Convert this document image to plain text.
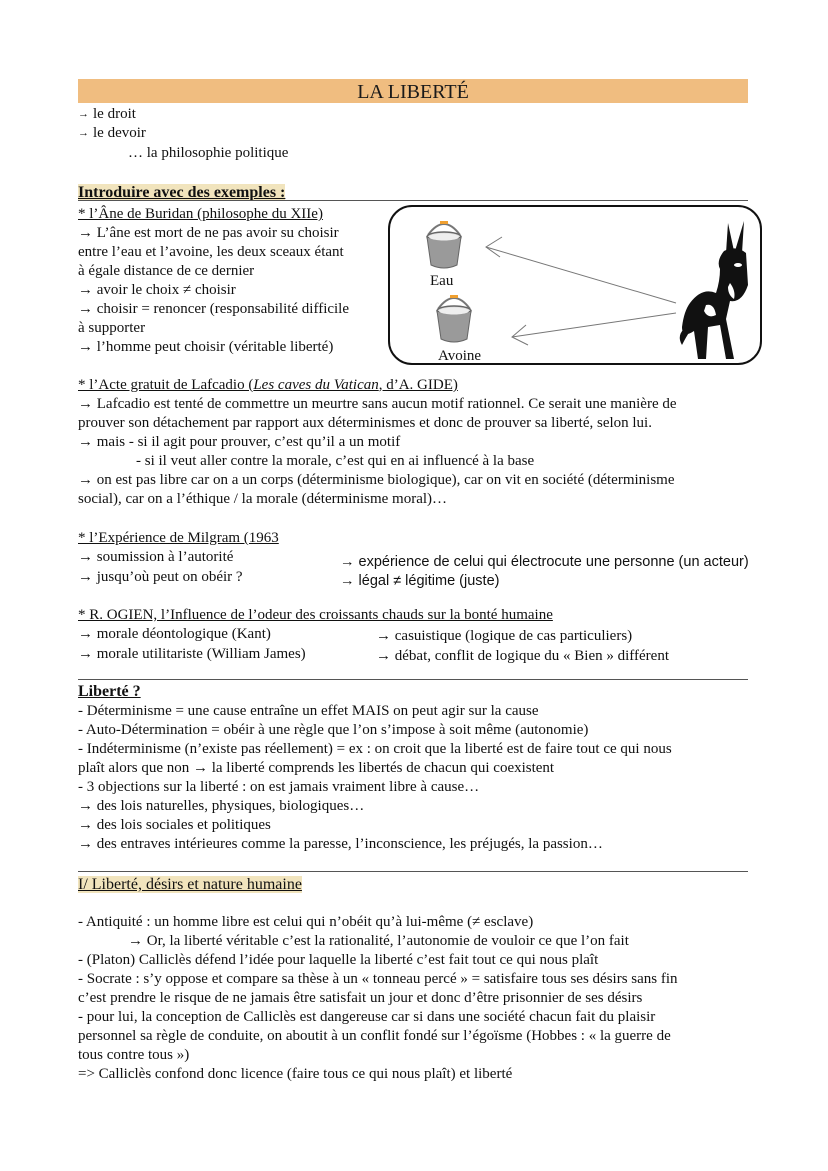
LA LIBERTÉ
→ le droit
→ le devoir
… la philosophie politique
Introduire avec des exemples :
* l’Âne de Buridan (philosophe du XIIe)
→ L’âne est mort de ne pas avoir su choisir
entre l’eau et l’avoine, les deux sceaux étant
à égale distance de ce dernier
→ avoir le choix ≠ choisir
→ choisir = renoncer (responsabilité difficile
à supporter
→ l’homme peut choisir (véritable liberté)
Eau
Avoine
* l’Acte gratuit de Lafcadio (Les caves du Vatican, d’A. GIDE)
→ Lafcadio est tenté de commettre un meurtre sans aucun motif rationnel. Ce serait une manière de
prouver son détachement par rapport aux déterminismes et donc de prouver sa liberté, selon lui.
→ mais - si il agit pour prouver, c’est qu’il a un motif
- si il veut aller contre la morale, c’est qui en ai influencé à la base
→ on est pas libre car on a un corps (déterminisme biologique), car on vit en société (déterminisme
social), car on a l’éthique / la morale (déterminisme moral)…
* l’Expérience de Milgram (1963
→ soumission à l’autorité
→ jusqu’où peut on obéir ?
→ expérience de celui qui électrocute une personne (un acteur)
→ légal ≠ légitime (juste)
* R. OGIEN, l’Influence de l’odeur des croissants chauds sur la bonté humaine
→ morale déontologique (Kant)
→ morale utilitariste (William James)
→ casuistique (logique de cas particuliers)
→ débat, conflit de logique du « Bien » différent
Liberté ?
- Déterminisme = une cause entraîne un effet MAIS on peut agir sur la cause
- Auto-Détermination = obéir à une règle que l’on s’impose à soit même (autonomie)
- Indéterminisme (n’existe pas réellement) = ex : on croit que la liberté est de faire tout ce qui nous
plaît alors que non → la liberté comprends les libertés de chacun qui coexistent
- 3 objections sur la liberté : on est jamais vraiment libre à cause…
→ des lois naturelles, physiques, biologiques…
→ des lois sociales et politiques
→ des entraves intérieures comme la paresse, l’inconscience, les préjugés, la passion…
I/ Liberté, désirs et nature humaine
- Antiquité : un homme libre est celui qui n’obéit qu’à lui-même (≠ esclave)
→ Or, la liberté véritable c’est la rationalité, l’autonomie de vouloir ce que l’on fait
- (Platon) Calliclès défend l’idée pour laquelle la liberté c’est fait tout ce qui nous plaît
- Socrate : s’y oppose et compare sa thèse à un « tonneau percé » = satisfaire tous ses désirs sans fin
c’est prendre le risque de ne jamais être satisfait un jour et donc d’être prisonnier de ses désirs
- pour lui, la conception de Calliclès est dangereuse car si dans une société chacun fait du plaisir
personnel sa règle de conduite, on aboutit à un conflit fondé sur l’égoïsme (Hobbes : « la guerre de
tous contre tous »)
=> Calliclès confond donc licence (faire tous ce qui nous plaît) et liberté
